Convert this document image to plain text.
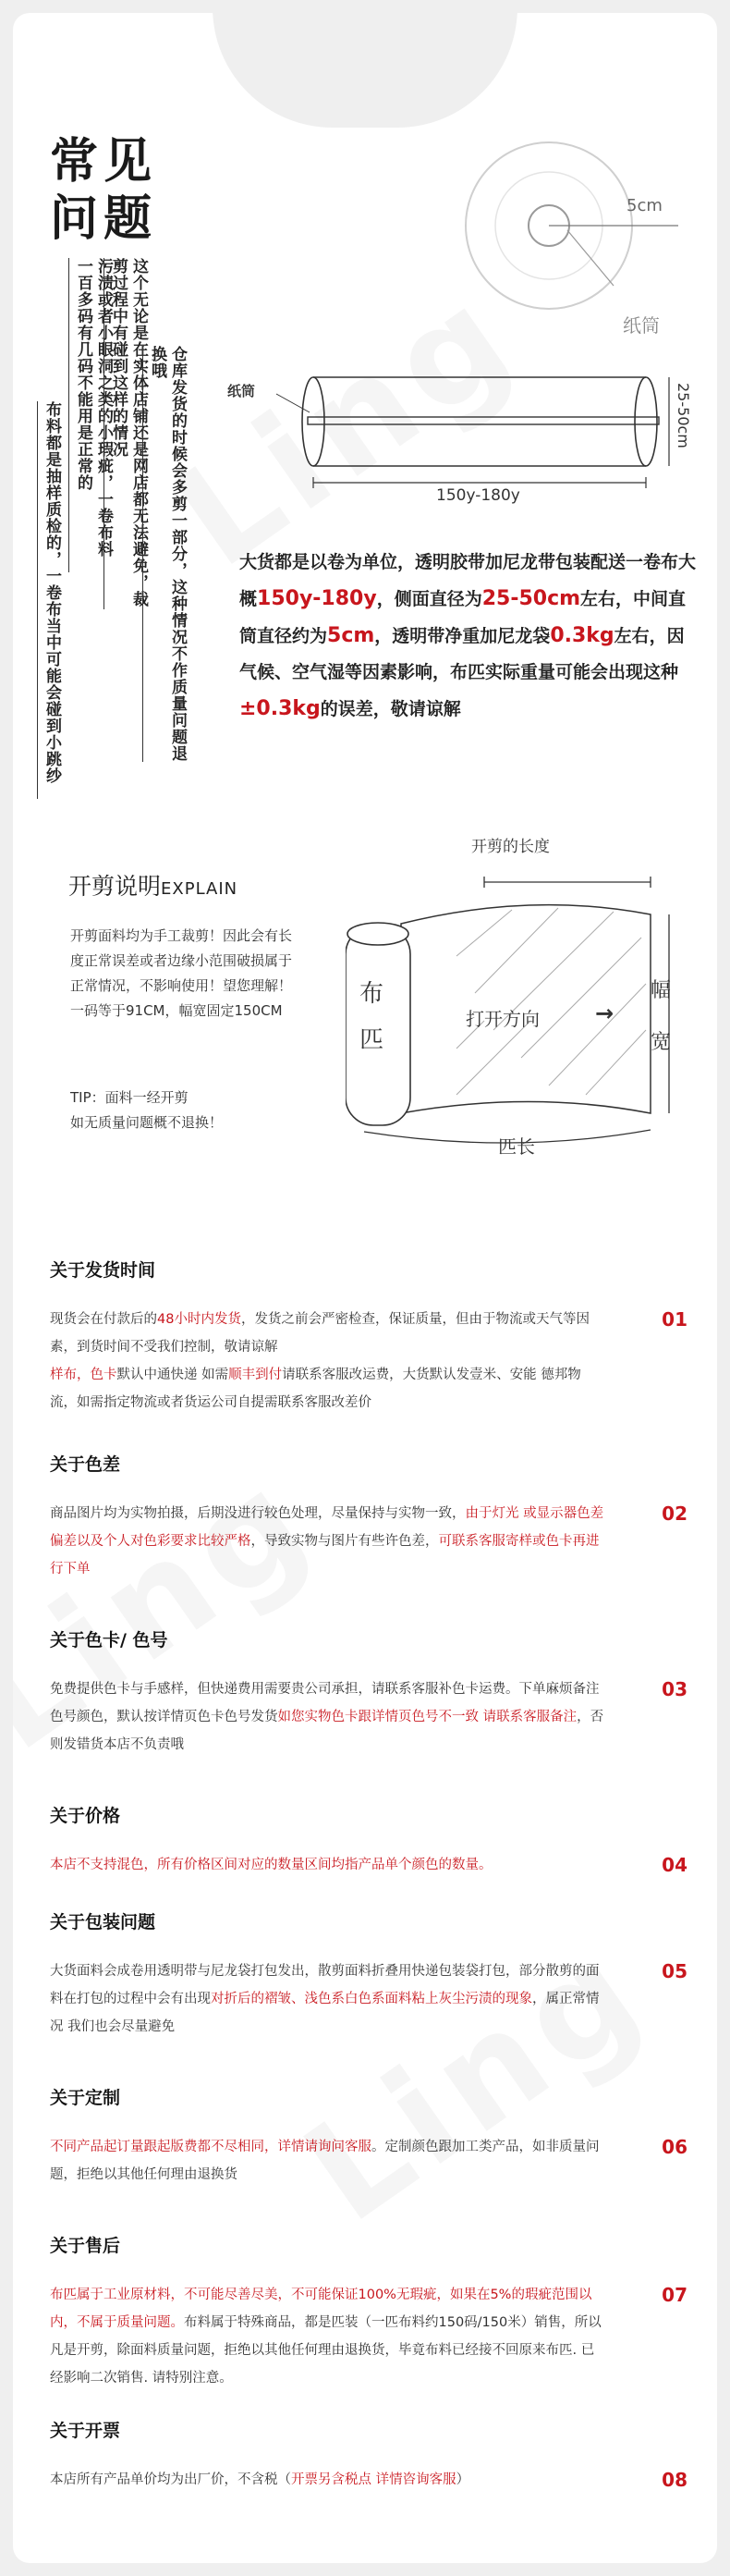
常见
问题
污渍或者小眼洞之类的小瑕疵，一卷布料一百多码有几码不能用是正常的
布料都是抽样质检的，一卷布当中可能会碰到小跳纱	这个无论是在实体店铺还是网店都无法避免，裁剪过程中有碰到这样的情况	仓库发货的时候会多剪一部分，这种情况不作质量问题退换哦
5cm
纸筒
纸筒	25-50cm
150y-180y
大货都是以卷为单位，透明胶带加尼龙带包装配送一卷布大概150y-180y，侧面直径为25-50cm左右，中间直筒直径约为5cm，透明带净重加尼龙袋0.3kg左右，因气候、空气湿等因素影响，布匹实际重量可能会出现这种±0.3kg的误差，敬请谅解
开剪说明EXPLAIN
开剪面料均为手工裁剪！因此会有长度正常误差或者边缘小范围破损属于正常情况，不影响使用！望您理解！一码等于91CM，幅宽固定150CM
TIP：面料一经开剪
如无质量问题概不退换！
开剪的长度
布
匹
打开方向	→
幅
宽
匹长
关于发货时间
现货会在付款后的48小时内发货，发货之前会严密检查，保证质量，但由于物流或天气等因素，到货时间不受我们控制，敬请谅解
样布，色卡默认中通快递 如需顺丰到付请联系客服改运费，大货默认发壹米、安能 德邦物流，如需指定物流或者货运公司自提需联系客服改差价
01
关于色差
商品图片均为实物拍摄，后期没进行较色处理，尽量保持与实物一致，由于灯光 或显示器色差偏差以及个人对色彩要求比较严格，导致实物与图片有些许色差，可联系客服寄样或色卡再进行下单
02
关于色卡/ 色号
免费提供色卡与手感样，但快递费用需要贵公司承担，请联系客服补色卡运费。下单麻烦备注色号颜色，默认按详情页色卡色号发货如您实物色卡跟详情页色号不一致 请联系客服备注，否则发错货本店不负责哦
03
关于价格
本店不支持混色，所有价格区间对应的数量区间均指产品单个颜色的数量。	04
关于包装问题
大货面料会成卷用透明带与尼龙袋打包发出，散剪面料折叠用快递包装袋打包，部分散剪的面料在打包的过程中会有出现对折后的褶皱、浅色系白色系面料粘上灰尘污渍的现象，属正常情况 我们也会尽量避免
05
关于定制
不同产品起订量跟起版费都不尽相同，详情请询问客服。定制颜色跟加工类产品，如非质量问题，拒绝以其他任何理由退换货
06
关于售后
布匹属于工业原材料，不可能尽善尽美，不可能保证100%无瑕疵，如果在5%的瑕疵范围以内，不属于质量问题。布料属于特殊商品，都是匹装（一匹布料约150码/150米）销售，所以凡是开剪，除面料质量问题，拒绝以其他任何理由退换货，毕竟布料已经接不回原来布匹. 已经影响二次销售. 请特别注意。
07
关于开票
本店所有产品单价均为出厂价，不含税（开票另含税点 详情咨询客服）	08
